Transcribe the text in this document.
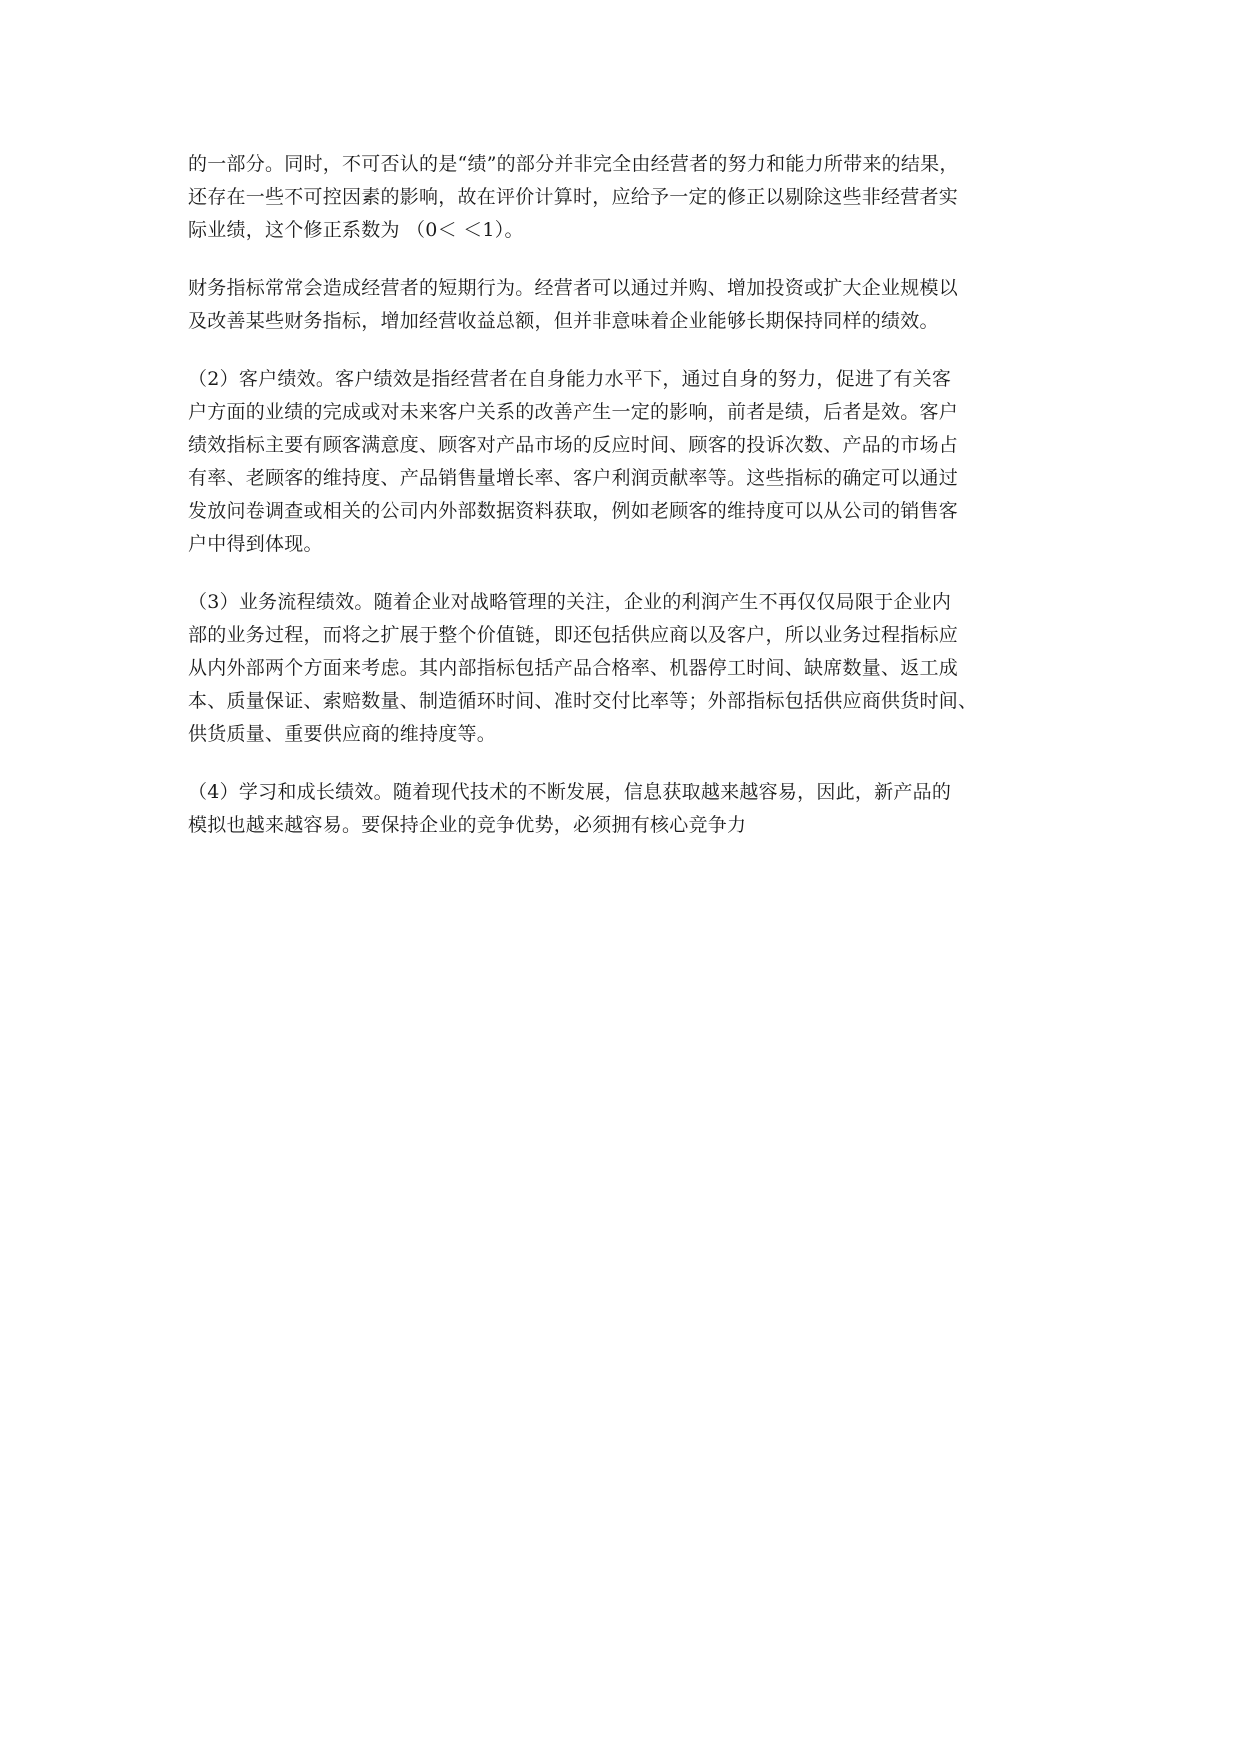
的一部分。同时，不可否认的是“绩”的部分并非完全由经营者的努力和能力所带来的结果，
还存在一些不可控因素的影响，故在评价计算时，应给予一定的修正以剔除这些非经营者实
际业绩，这个修正系数为 （0＜ ＜1）。
财务指标常常会造成经营者的短期行为。经营者可以通过并购、增加投资或扩大企业规模以
及改善某些财务指标，增加经营收益总额，但并非意味着企业能够长期保持同样的绩效。
（2）客户绩效。客户绩效是指经营者在自身能力水平下，通过自身的努力，促进了有关客
户方面的业绩的完成或对未来客户关系的改善产生一定的影响，前者是绩，后者是效。客户
绩效指标主要有顾客满意度、顾客对产品市场的反应时间、顾客的投诉次数、产品的市场占
有率、老顾客的维持度、产品销售量增长率、客户利润贡献率等。这些指标的确定可以通过
发放问卷调查或相关的公司内外部数据资料获取，例如老顾客的维持度可以从公司的销售客
户中得到体现。
（3）业务流程绩效。随着企业对战略管理的关注，企业的利润产生不再仅仅局限于企业内
部的业务过程，而将之扩展于整个价值链，即还包括供应商以及客户，所以业务过程指标应
从内外部两个方面来考虑。其内部指标包括产品合格率、机器停工时间、缺席数量、返工成
本、质量保证、索赔数量、制造循环时间、准时交付比率等；外部指标包括供应商供货时间、
供货质量、重要供应商的维持度等。
（4）学习和成长绩效。随着现代技术的不断发展，信息获取越来越容易，因此，新产品的
模拟也越来越容易。要保持企业的竞争优势，必须拥有核心竞争力
